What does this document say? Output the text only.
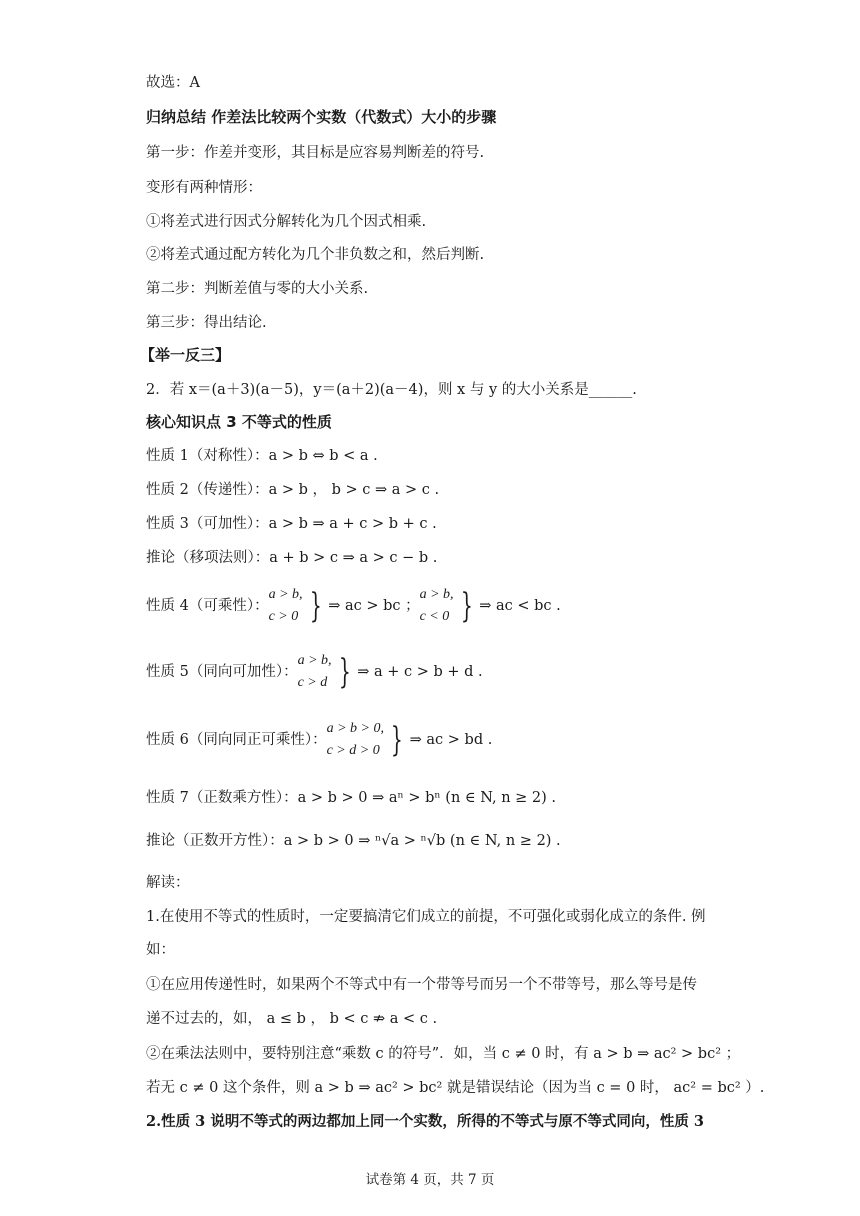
故选：A
归纳总结 作差法比较两个实数（代数式）大小的步骤
第一步：作差并变形，其目标是应容易判断差的符号.
变形有两种情形：
①将差式进行因式分解转化为几个因式相乘.
②将差式通过配方转化为几个非负数之和，然后判断.
第二步：判断差值与零的大小关系.
第三步：得出结论.
【举一反三】
2．若 x＝(a＋3)(a－5)，y＝(a＋2)(a－4)，则 x 与 y 的大小关系是______.
核心知识点 3 不等式的性质
性质 1（对称性）：a > b ⇔ b < a .
性质 2（传递性）：a > b ， b > c ⇒ a > c .
性质 3（可加性）：a > b ⇒ a + c > b + c .
推论（移项法则）：a + b > c ⇒ a > c − b .
性质 4（可乘性）：
a > b,
c > 0 } ⇒ ac > bc ；
a > b,
c < 0 } ⇒ ac < bc .
性质 5（同向可加性）：
a > b,
c > d } ⇒ a + c > b + d .
性质 6（同向同正可乘性）：
a > b > 0,
c > d > 0 } ⇒ ac > bd .
性质 7（正数乘方性）：a > b > 0 ⇒ aⁿ > bⁿ (n ∈ N, n ≥ 2) .
推论（正数开方性）：a > b > 0 ⇒ ⁿ√a > ⁿ√b (n ∈ N, n ≥ 2) .
解读：
1.在使用不等式的性质时，一定要搞清它们成立的前提，不可强化或弱化成立的条件. 例
如：
①在应用传递性时，如果两个不等式中有一个带等号而另一个不带等号，那么等号是传
递不过去的，如， a ≤ b ， b < c ⇏ a < c .
②在乘法法则中，要特别注意“乘数 c 的符号”．如，当 c ≠ 0 时，有 a > b ⇒ ac² > bc² ；
若无 c ≠ 0 这个条件，则 a > b ⇒ ac² > bc² 就是错误结论（因为当 c = 0 时， ac² = bc² ）.
2.性质 3 说明不等式的两边都加上同一个实数，所得的不等式与原不等式同向，性质 3
试卷第 4 页，共 7 页
